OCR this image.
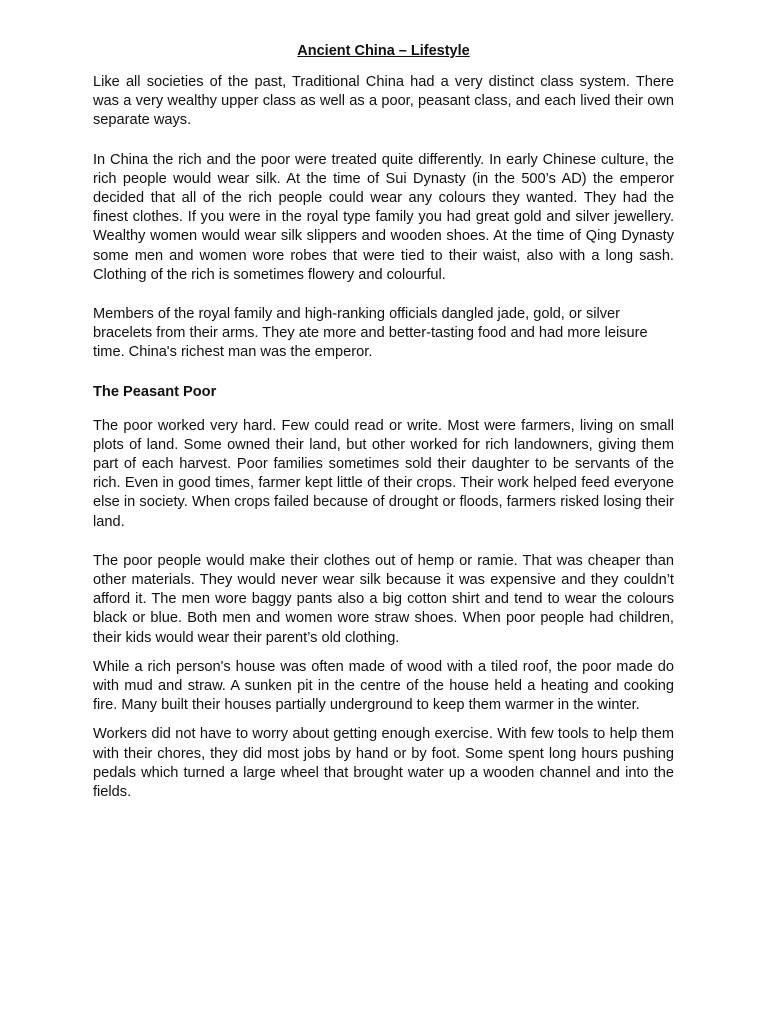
Ancient China – Lifestyle

Like all societies of the past, Traditional China had a very distinct class system. There was a very wealthy upper class as well as a poor, peasant class, and each lived their own separate ways.

In China the rich and the poor were treated quite differently. In early Chinese culture, the rich people would wear silk. At the time of Sui Dynasty (in the 500’s AD) the emperor decided that all of the rich people could wear any colours they wanted. They had the finest clothes. If you were in the royal type family you had great gold and silver jewellery. Wealthy women would wear silk slippers and wooden shoes. At the time of Qing Dynasty some men and women wore robes that were tied to their waist, also with a long sash. Clothing of the rich is sometimes flowery and colourful.

Members of the royal family and high-ranking officials dangled jade, gold, or silver bracelets from their arms. They ate more and better-tasting food and had more leisure time. China's richest man was the emperor.

The Peasant Poor

The poor worked very hard. Few could read or write. Most were farmers, living on small plots of land. Some owned their land, but other worked for rich landowners, giving them part of each harvest. Poor families sometimes sold their daughter to be servants of the rich. Even in good times, farmer kept little of their crops. Their work helped feed everyone else in society. When crops failed because of drought or floods, farmers risked losing their land.

The poor people would make their clothes out of hemp or ramie. That was cheaper than other materials. They would never wear silk because it was expensive and they couldn’t afford it. The men wore baggy pants also a big cotton shirt and tend to wear the colours black or blue. Both men and women wore straw shoes. When poor people had children, their kids would wear their parent’s old clothing.

While a rich person's house was often made of wood with a tiled roof, the poor made do with mud and straw. A sunken pit in the centre of the house held a heating and cooking fire. Many built their houses partially underground to keep them warmer in the winter.

Workers did not have to worry about getting enough exercise. With few tools to help them with their chores, they did most jobs by hand or by foot. Some spent long hours pushing pedals which turned a large wheel that brought water up a wooden channel and into the fields.
